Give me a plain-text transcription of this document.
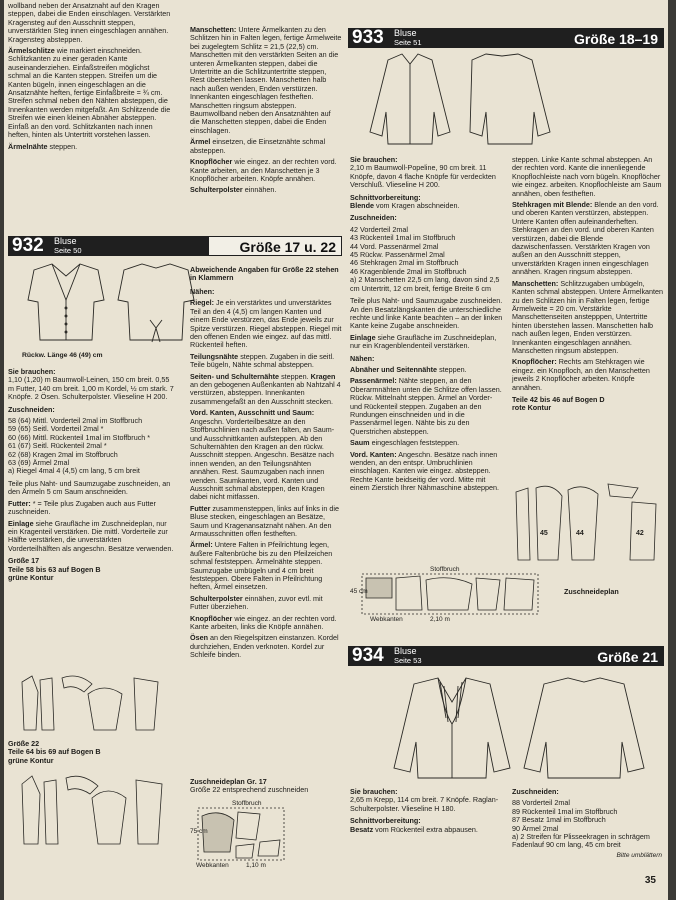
wollband neben der Ansatznaht auf den Kragen steppen, dabei die Enden einschlagen. Verstärkten Kragensteg auf den Ausschnitt steppen, unverstärkten Steg innen eingeschlagen annähen. Kragensteg absteppen.

Ärmelschlitze wie markiert einschneiden. Schlitzkanten zu einer geraden Kante auseinanderziehen. Einfaßstreifen möglichst schmal an die Kanten steppen. Streifen um die Kanten bügeln, innen eingeschlagen an die Ansatznähte heften, fertige Einfaßbreite = ¾ cm. Streifen schmal neben den Nähten absteppen, die Innenkanten werden mitgefaßt. Am Schlitzende die Streifen wie einen kleinen Abnäher absteppen. Einfaß an den vord. Schlitzkanten nach innen heften, hinten als Untertritt vorstehen lassen.

Ärmelnähte steppen.

Manschetten: Untere Ärmelkanten zu den Schlitzen hin in Falten legen, fertige Ärmelweite bei zugelegtem Schlitz = 21,5 (22,5) cm. Manschetten mit den verstärkten Seiten an die unteren Ärmelkanten steppen, dabei die Untertritte an die Schlitzuntertritte steppen, Rest überstehen lassen. Manschetten halb nach außen wenden, Enden verstürzen. Innenkanten eingeschlagen festheften. Manschetten ringsum absteppen. Baumwollband neben den Ansatznähten auf die Manschetten steppen, dabei die Enden einschlagen.

Ärmel einsetzen, die Einsetznähte schmal absteppen.

Knopflöcher wie eingez. an der rechten vord. Kante arbeiten, an den Manschetten je 3 Knopflöcher arbeiten. Knöpfe annähen.

Schulterpolster einnähen.

932 Bluse
Seite 50	Größe 17 u. 22
Rückw. Länge 46 (49) cm

Sie brauchen:
1,10 (1,20) m Baumwoll-Leinen, 150 cm breit. 0,55 m Futter, 140 cm breit. 1,00 m Kordel, ½ cm stark. 7 Knöpfe. 2 Ösen. Schulterpolster. Vlieseline H 200.

Zuschneiden:

58 (64) Mittl. Vorderteil 2mal im Stoffbruch
59 (65) Seitl. Vorderteil 2mal *
60 (66) Mittl. Rückenteil 1mal im Stoffbruch *
61 (67) Seitl. Rückenteil 2mal *
62 (68) Kragen 2mal im Stoffbruch
63 (69) Ärmel 2mal
a) Riegel 4mal 4 (4,5) cm lang, 5 cm breit

Teile plus Naht- und Saumzugabe zuschneiden, an den Ärmeln 5 cm Saum anschneiden.

Futter: * = Teile plus Zugaben auch aus Futter zuschneiden.

Einlage siehe Graufläche im Zuschneideplan, nur ein Kragenteil verstärken. Die mittl. Vorderteile zur Hälfte verstärken, die unverstärkten Vorderteilhälften als angeschn. Besätze verwenden.

Größe 17
Teile 58 bis 63 auf Bogen B
grüne Kontur

Größe 22
Teile 64 bis 69 auf Bogen B
grüne Kontur
Abweichende Angaben für Größe 22 stehen in Klammern

Nähen:

Riegel: Je ein verstärktes und unverstärktes Teil an den 4 (4,5) cm langen Kanten und einem Ende verstürzen, das Ende jeweils zur Spitze verstürzen. Riegel absteppen. Riegel mit den offenen Enden wie eingez. auf das mittl. Rückenteil heften.

Teilungsnähte steppen. Zugaben in die seitl. Teile bügeln, Nähte schmal absteppen.

Seiten- und Schulternähte steppen. Kragen an den gebogenen Außenkanten ab Nahtzahl 4 verstürzen, absteppen. Innenkanten zusammengefaßt an den Ausschnitt stecken.

Vord. Kanten, Ausschnitt und Saum: Angeschn. Vorderteilbesätze an den Stoffbruchlinien nach außen falten, an Saum- und Ausschnittkanten aufsteppen. Ab den Schulternähten den Kragen an den rückw. Ausschnitt steppen. Angeschn. Besätze nach innen wenden, an den Teilungsnähten annähen. Rest. Saumzugaben nach innen wenden. Saumkanten, vord. Kanten und Ausschnitt schmal absteppen, den Kragen dabei nicht mitfassen.

Futter zusammensteppen, links auf links in die Bluse stecken, eingeschlagen an Besätze, Saum und Kragenansatznaht nähen. An den Armausschnitten offen festheften.

Ärmel: Untere Falten in Pfeilrichtung legen, äußere Faltenbrüche bis zu den Pfeilzeichen schmal feststeppen. Ärmelnähte steppen. Saumzugabe umbügeln und 4 cm breit feststeppen. Obere Falten in Pfeilrichtung heften, Ärmel einsetzen.

Schulterpolster einnähen, zuvor evtl. mit Futter überziehen.

Knopflöcher wie eingez. an der rechten vord. Kante arbeiten, links die Knöpfe annähen.

Ösen an den Riegelspitzen einstanzen. Kordel durchziehen, Enden verknoten. Kordel zur Schleife binden.

Zuschneideplan Gr. 17
Größe 22 entsprechend zuschneiden
Stoffbruch
Webkanten	1,10 m
75 cm
933 Bluse
Seite 51	Größe 18–19

Sie brauchen:
2,10 m Baumwoll-Popeline, 90 cm breit. 11 Knöpfe, davon 4 flache Knöpfe für verdeckten Verschluß. Vlieseline H 200.

Schnittvorbereitung:
Blende vom Kragen abschneiden.

Zuschneiden:

42 Vorderteil 2mal
43 Rückenteil 1mal im Stoffbruch
44 Vord. Passenärmel 2mal
45 Rückw. Passenärmel 2mal
46 Stehkragen 2mal im Stoffbruch
46 Kragenblende 2mal im Stoffbruch
a) 2 Manschetten 22,5 cm lang, davon sind 2,5 cm Untertritt, 12 cm breit, fertige Breite 6 cm

Teile plus Naht- und Saumzugabe zuschneiden. An den Besatzlängskanten die unterschiedliche rechte und linke Kante beachten – an der linken Kante keine Zugabe anschneiden.

Einlage siehe Graufläche im Zuschneideplan, nur ein Kragenblendenteil verstärken.

Nähen:

Abnäher und Seitennähte steppen.

Passenärmel: Nähte steppen, an den Oberarmnähten unten die Schlitze offen lassen. Rückw. Mittelnaht steppen. Ärmel an Vorder- und Rückenteil steppen. Zugaben an den Rundungen einschneiden und in die Passenärmel legen. Nähte bis zu den Querstrichen absteppen.

Saum eingeschlagen feststeppen.

Vord. Kanten: Angeschn. Besätze nach innen wenden, an den entspr. Umbruchlinien einschlagen. Kanten wie eingez. absteppen. Rechte Kante beidseitig der vord. Mitte mit einem Zierstich Ihrer Nähmaschine absteppen.

steppen. Linke Kante schmal absteppen. An der rechten vord. Kante die innenliegende Knopflochleiste nach vorn bügeln. Knopflöcher wie eingez. arbeiten. Knopflochleiste am Saum annähen, oben festheften.

Stehkragen mit Blende: Blende an den vord. und oberen Kanten verstürzen, absteppen. Untere Kanten offen aufeinanderheften. Stehkragen an den vord. und oberen Kanten verstürzen, dabei die Blende dazwischenfassen. Verstärkten Kragen von außen an den Ausschnitt steppen, unverstärkten Kragen innen eingeschlagen annähen. Kragen ringsum absteppen.

Manschetten: Schlitzzugaben umbügeln, Kanten schmal absteppen. Untere Ärmelkanten zu den Schlitzen hin in Falten legen, fertige Ärmelweite = 20 cm. Verstärkte Manschettenseiten anstepppen, Untertritte hinten überstehen lassen. Manschetten halb nach außen legen, Enden verstürzen. Innenkanten eingeschlagen annähen. Manschetten ringsum absteppen.

Knopflöcher: Rechts am Stehkragen wie eingez. ein Knopfloch, an den Manschetten jeweils 2 Knopflöcher arbeiten. Knöpfe annähen.

Teile 42 bis 46 auf Bogen D
rote Kontur

45	44	42
Zuschneideplan
Stoffbruch
Webkanten	2,10 m
45 cm
934 Bluse
Seite 53	Größe 21

Sie brauchen:
2,65 m Krepp, 114 cm breit. 7 Knöpfe. Raglan-Schulterpolster. Vlieseline H 180.

Schnittvorbereitung:
Besatz vom Rückenteil extra abpausen.

Zuschneiden:

88 Vorderteil 2mal
89 Rückenteil 1mal im Stoffbruch
87 Besatz 1mal im Stoffbruch
90 Ärmel 2mal
a) 2 Streifen für Plisseekragen in schrägem Fadenlauf 90 cm lang, 45 cm breit
Bitte umblättern
35
